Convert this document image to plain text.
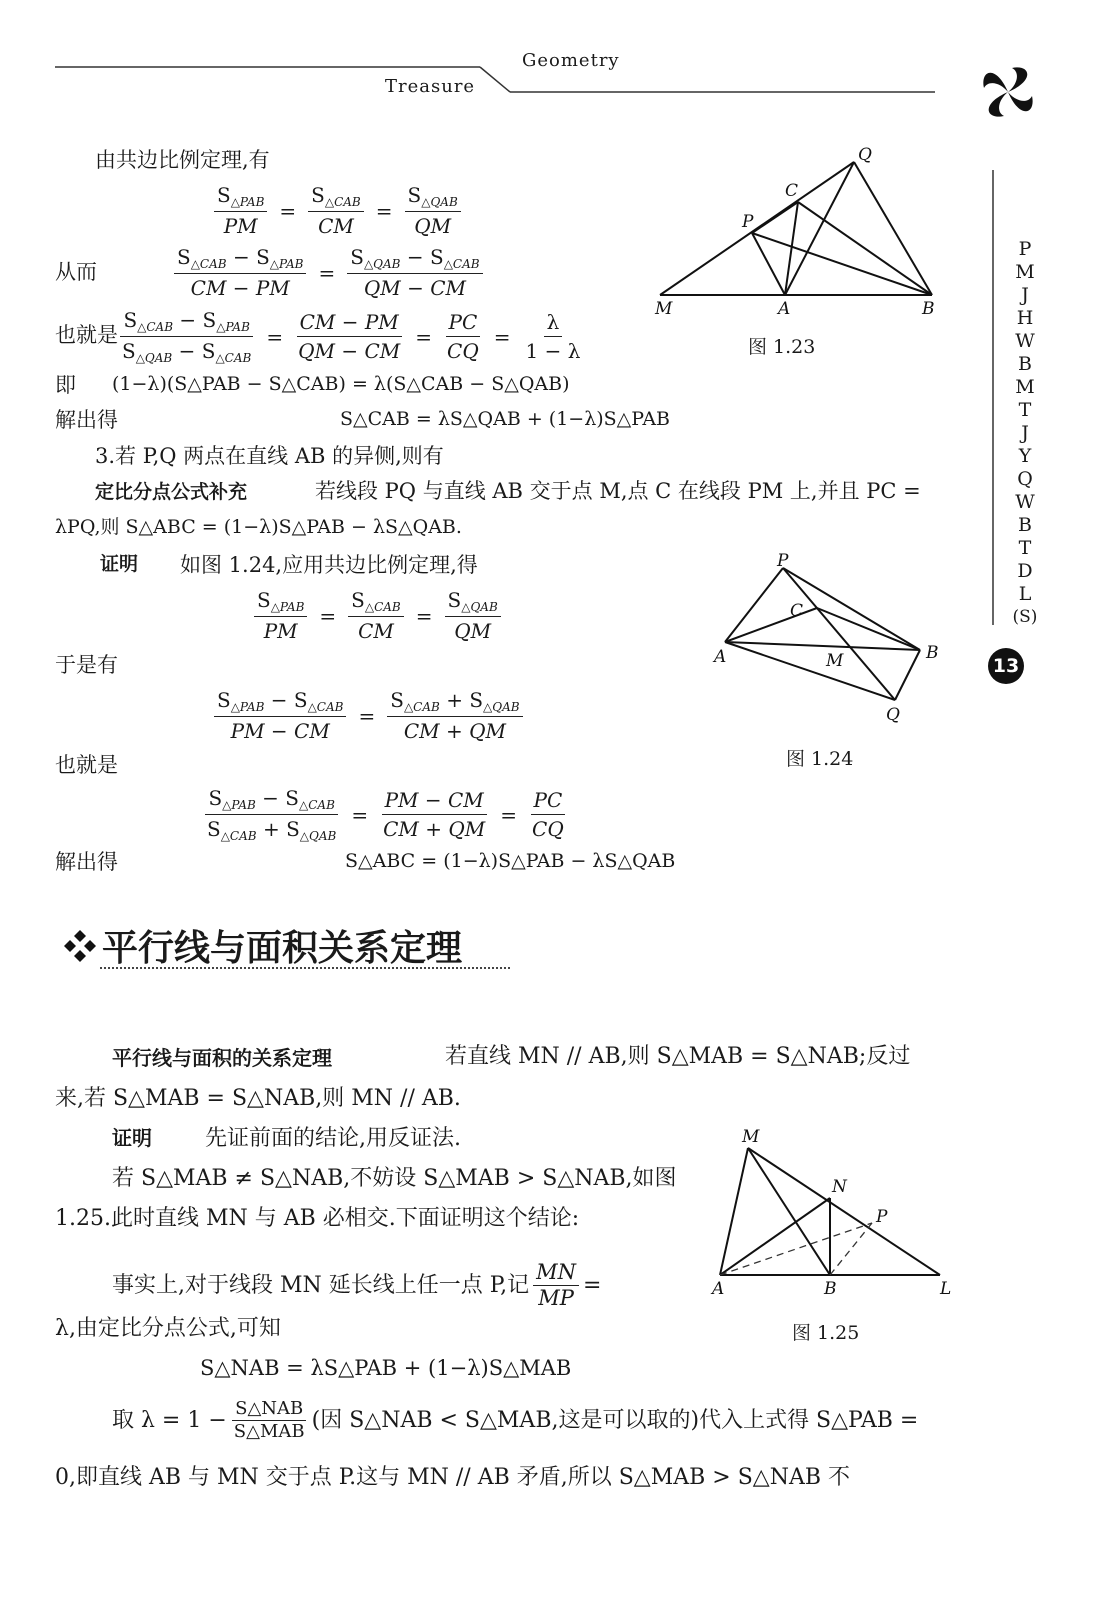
Geometry
Treasure
P
M
J
H
W
B
M
T
J
Y
Q
W
B
T
D
L
(S)
13
由共边比例定理,有
$\frac{S_{\triangle PAB}}{PM} = \frac{S_{\triangle CAB}}{CM} = \frac{S_{\triangle QAB}}{QM}$
从而	$\frac{S_{\triangle CAB} - S_{\triangle PAB}}{CM - PM} = \frac{S_{\triangle QAB} - S_{\triangle CAB}}{QM - CM}$
也就是 $\frac{S_{\triangle CAB} - S_{\triangle PAB}}{S_{\triangle QAB} - S_{\triangle CAB}} = \frac{CM - PM}{QM - CM} = \frac{PC}{CQ} = \frac{\lambda}{1 - \lambda}$
即 (1−λ)(S△PAB − S△CAB) = λ(S△CAB − S△QAB)
解出得	S△CAB = λS△QAB + (1−λ)S△PAB
Q
C
P
M	A	B
图 1.23
3.若 P,Q 两点在直线 AB 的异侧,则有
定比分点公式补充	若线段 PQ 与直线 AB 交于点 M,点 C 在线段 PM 上,并且 PC =
λPQ,则 S△ABC = (1−λ)S△PAB − λS△QAB.
证明 如图 1.24,应用共边比例定理,得
$\frac{S_{\triangle PAB}}{PM} = \frac{S_{\triangle CAB}}{CM} = \frac{S_{\triangle QAB}}{QM}$
于是有
$\frac{S_{\triangle PAB} - S_{\triangle CAB}}{PM - CM} = \frac{S_{\triangle CAB} + S_{\triangle QAB}}{CM + QM}$
也就是
$\frac{S_{\triangle PAB} - S_{\triangle CAB}}{S_{\triangle CAB} + S_{\triangle QAB}} = \frac{PM - CM}{CM + QM} = \frac{PC}{CQ}$
解出得	S△ABC = (1−λ)S△PAB − λS△QAB
P
C
A	M	B
Q
图 1.24
平行线与面积关系定理
平行线与面积的关系定理	若直线 MN // AB,则 S△MAB = S△NAB;反过
来,若 S△MAB = S△NAB,则 MN // AB.
证明 先证前面的结论,用反证法.
若 S△MAB ≠ S△NAB,不妨设 S△MAB > S△NAB,如图
1.25.此时直线 MN 与 AB 必相交.下面证明这个结论:
事实上,对于线段 MN 延长线上任一点 P,记 $\frac{MN}{MP}$ =
λ,由定比分点公式,可知
S△NAB = λS△PAB + (1−λ)S△MAB
取 $\lambda = 1 - \frac{\text{S△NAB}}{\text{S△MAB}}$ (因 S△NAB < S△MAB,这是可以取的)代入上式得 S△PAB =
0,即直线 AB 与 MN 交于点 P.这与 MN // AB 矛盾,所以 S△MAB > S△NAB 不
M
N
P
A	B	L
图 1.25
